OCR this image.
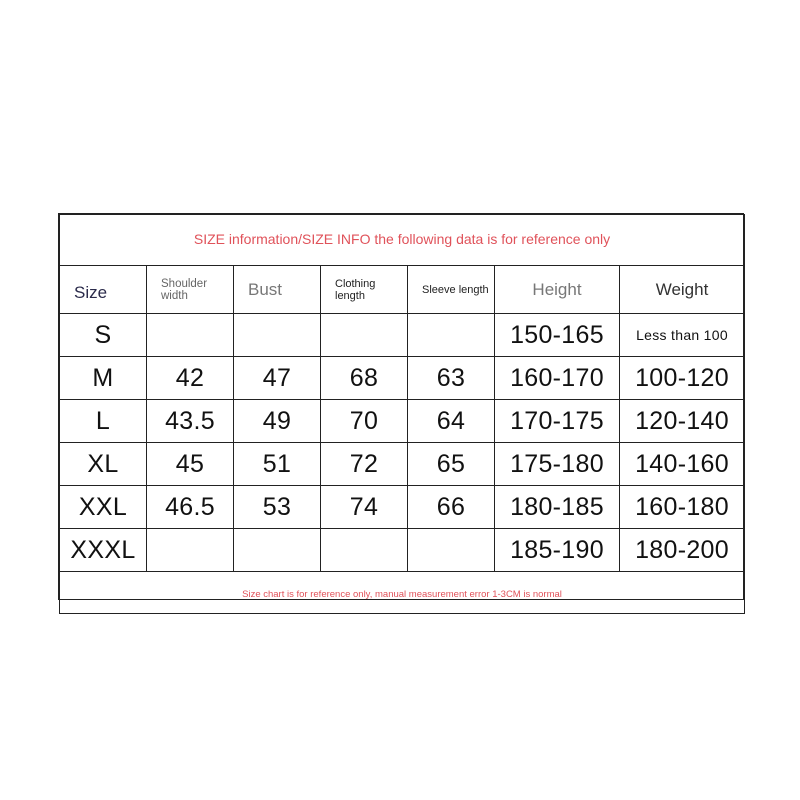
SIZE information/SIZE INFO the following data is for reference only						
Size	Shoulder width	Bust	Clothing length	Sleeve length	Height	Weight
S					150-165	Less than 100
M	42	47	68	63	160-170	100-120
L	43.5	49	70	64	170-175	120-140
XL	45	51	72	65	175-180	140-160
XXL	46.5	53	74	66	180-185	160-180
XXXL					185-190	180-200
Size chart is for reference only, manual measurement error 1-3CM is normal						
